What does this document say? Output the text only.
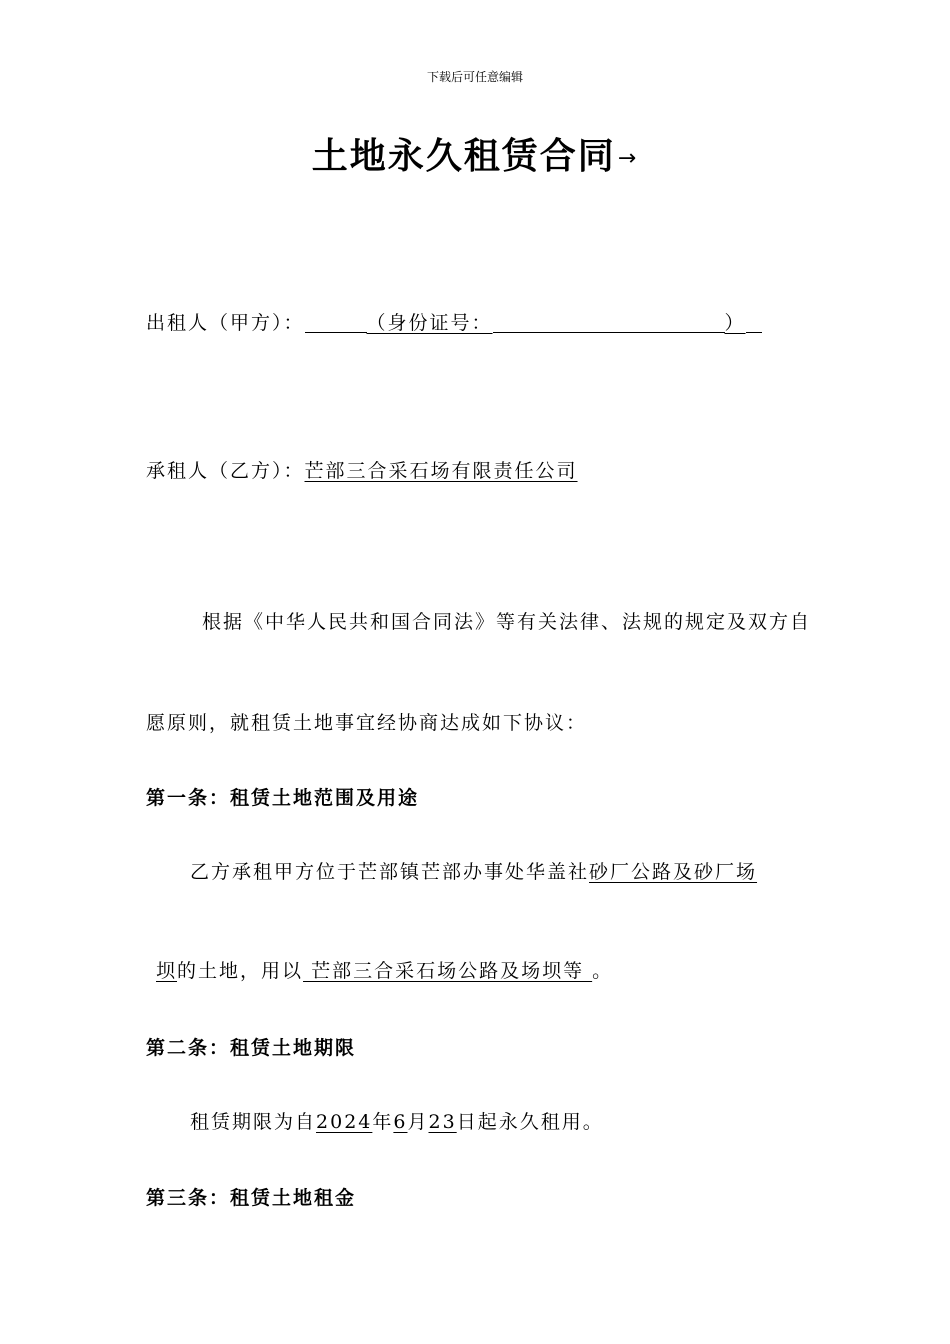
下载后可任意编辑
土地永久租赁合同→
出租人（甲方）：	（身份证号：	）
承租人（乙方）：芒部三合采石场有限责任公司
根据《中华人民共和国合同法》等有关法律、法规的规定及双方自
愿原则，就租赁土地事宜经协商达成如下协议：
第一条：租赁土地范围及用途
乙方承租甲方位于芒部镇芒部办事处华盖社砂厂公路及砂厂场
坝的土地，用以 芒部三合采石场公路及场坝等 。
第二条：租赁土地期限
租赁期限为自2024年6月23日起永久租用。
第三条：租赁土地租金
